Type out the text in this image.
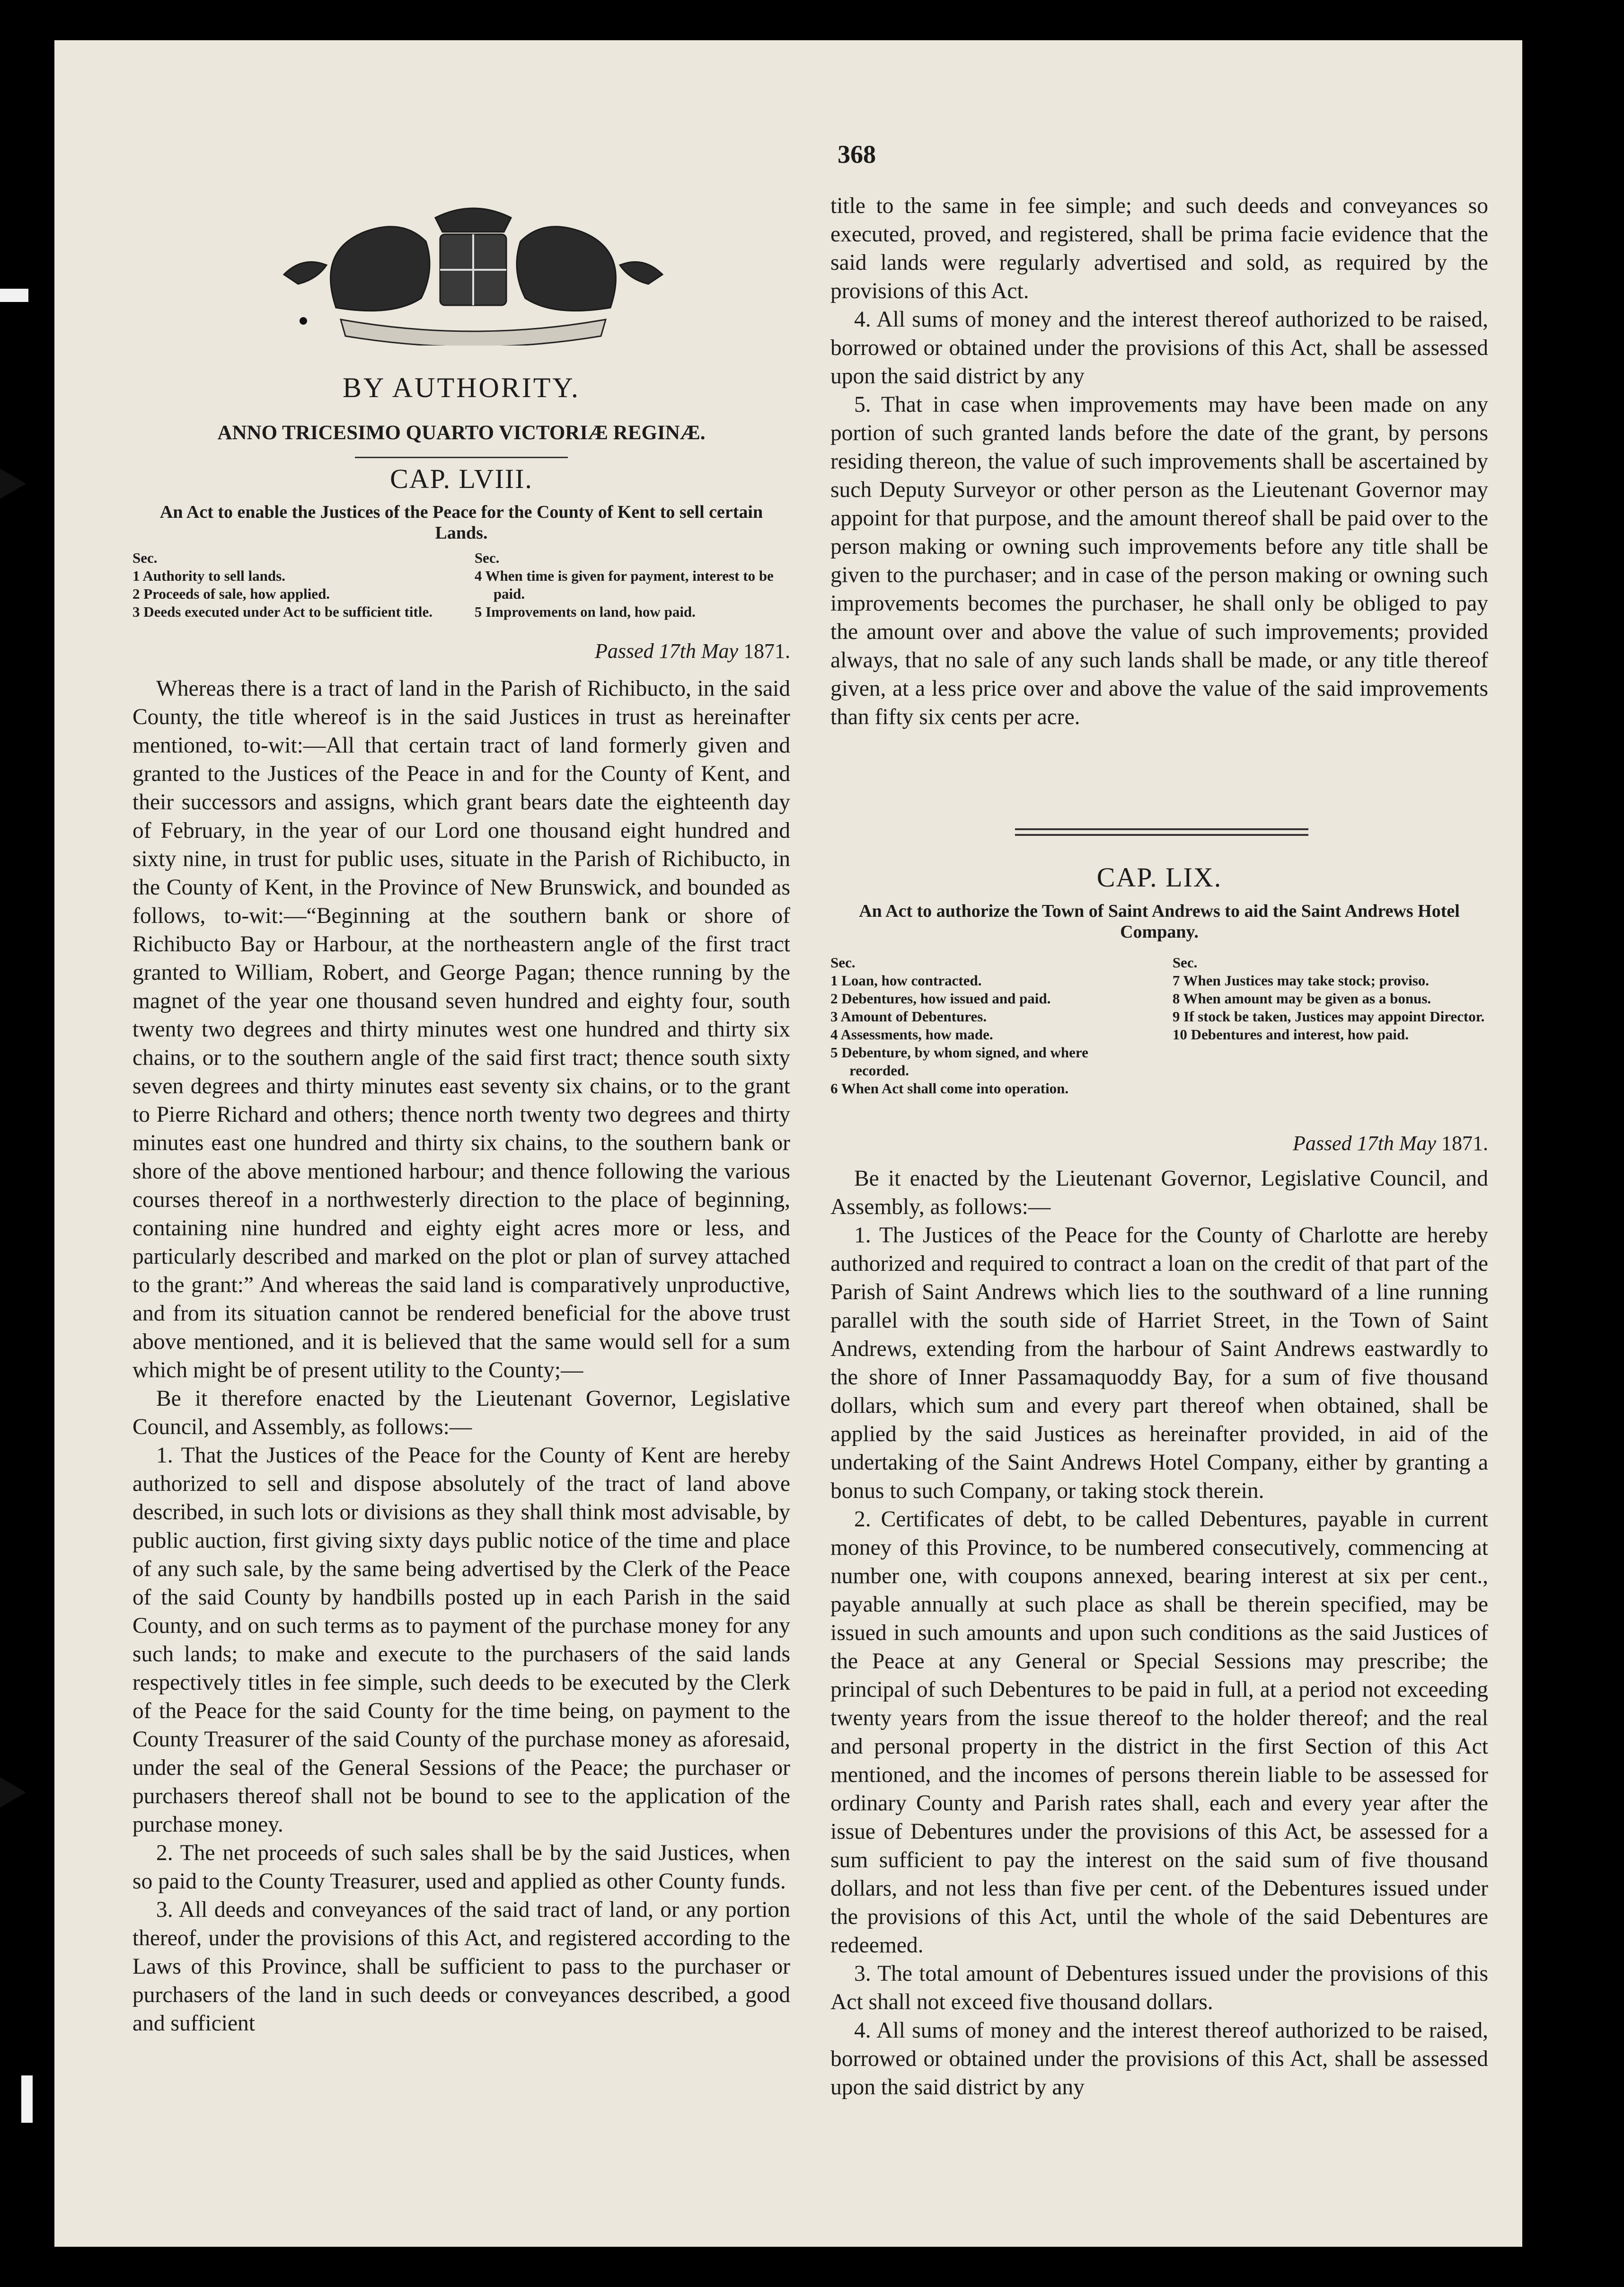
368
BY AUTHORITY.
ANNO TRICESIMO QUARTO VICTORIÆ REGINÆ.
CAP. LVIII.
An Act to enable the Justices of the Peace for the County of Kent to sell certain Lands.
Sec.
1 Authority to sell lands.
2 Proceeds of sale, how applied.
3 Deeds executed under Act to be sufficient title.
Sec.
4 When time is given for payment, interest to be paid.
5 Improvements on land, how paid.
Passed 17th May 1871.

Whereas there is a tract of land in the Parish of Richibucto, in the said County, the title whereof is in the said Justices in trust as hereinafter mentioned, to-wit:—All that certain tract of land formerly given and granted to the Justices of the Peace in and for the County of Kent, and their successors and assigns, which grant bears date the eighteenth day of February, in the year of our Lord one thousand eight hundred and sixty nine, in trust for public uses, situate in the Parish of Richibucto, in the County of Kent, in the Province of New Brunswick, and bounded as follows, to-wit:—“Beginning at the southern bank or shore of Richibucto Bay or Harbour, at the northeastern angle of the first tract granted to William, Robert, and George Pagan; thence running by the magnet of the year one thousand seven hundred and eighty four, south twenty two degrees and thirty minutes west one hundred and thirty six chains, or to the southern angle of the said first tract; thence south sixty seven degrees and thirty minutes east seventy six chains, or to the grant to Pierre Richard and others; thence north twenty two degrees and thirty minutes east one hundred and thirty six chains, to the southern bank or shore of the above mentioned harbour; and thence following the various courses thereof in a northwesterly direction to the place of beginning, containing nine hundred and eighty eight acres more or less, and particularly described and marked on the plot or plan of survey attached to the grant:” And whereas the said land is comparatively unproductive, and from its situation cannot be rendered beneficial for the above trust above mentioned, and it is believed that the same would sell for a sum which might be of present utility to the County;—

Be it therefore enacted by the Lieutenant Governor, Legislative Council, and Assembly, as follows:—

1. That the Justices of the Peace for the County of Kent are hereby authorized to sell and dispose absolutely of the tract of land above described, in such lots or divisions as they shall think most advisable, by public auction, first giving sixty days public notice of the time and place of any such sale, by the same being advertised by the Clerk of the Peace of the said County by handbills posted up in each Parish in the said County, and on such terms as to payment of the purchase money for any such lands; to make and execute to the purchasers of the said lands respectively titles in fee simple, such deeds to be executed by the Clerk of the Peace for the said County for the time being, on payment to the County Treasurer of the said County of the purchase money as aforesaid, under the seal of the General Sessions of the Peace; the purchaser or purchasers thereof shall not be bound to see to the application of the purchase money.

2. The net proceeds of such sales shall be by the said Justices, when so paid to the County Treasurer, used and applied as other County funds.

3. All deeds and conveyances of the said tract of land, or any portion thereof, under the provisions of this Act, and registered according to the Laws of this Province, shall be sufficient to pass to the purchaser or purchasers of the land in such deeds or conveyances described, a good and sufficient

title to the same in fee simple; and such deeds and conveyances so executed, proved, and registered, shall be prima facie evidence that the said lands were regularly advertised and sold, as required by the provisions of this Act.

4. All sums of money and the interest thereof authorized to be raised, borrowed or obtained under the provisions of this Act, shall be assessed upon the said district by any

5. That in case when improvements may have been made on any portion of such granted lands before the date of the grant, by persons residing thereon, the value of such improvements shall be ascertained by such Deputy Surveyor or other person as the Lieutenant Governor may appoint for that purpose, and the amount thereof shall be paid over to the person making or owning such improvements before any title shall be given to the purchaser; and in case of the person making or owning such improvements becomes the purchaser, he shall only be obliged to pay the amount over and above the value of such improvements; provided always, that no sale of any such lands shall be made, or any title thereof given, at a less price over and above the value of the said improvements than fifty six cents per acre.

CAP. LIX.
An Act to authorize the Town of Saint Andrews to aid the Saint Andrews Hotel Company.
Sec.
1 Loan, how contracted.
2 Debentures, how issued and paid.
3 Amount of Debentures.
4 Assessments, how made.
5 Debenture, by whom signed, and where recorded.
6 When Act shall come into operation.
Sec.
7 When Justices may take stock; proviso.
8 When amount may be given as a bonus.
9 If stock be taken, Justices may appoint Director.
10 Debentures and interest, how paid.
Passed 17th May 1871.

Be it enacted by the Lieutenant Governor, Legislative Council, and Assembly, as follows:—

1. The Justices of the Peace for the County of Charlotte are hereby authorized and required to contract a loan on the credit of that part of the Parish of Saint Andrews which lies to the southward of a line running parallel with the south side of Harriet Street, in the Town of Saint Andrews, extending from the harbour of Saint Andrews eastwardly to the shore of Inner Passamaquoddy Bay, for a sum of five thousand dollars, which sum and every part thereof when obtained, shall be applied by the said Justices as hereinafter provided, in aid of the undertaking of the Saint Andrews Hotel Company, either by granting a bonus to such Company, or taking stock therein.

2. Certificates of debt, to be called Debentures, payable in current money of this Province, to be numbered consecutively, commencing at number one, with coupons annexed, bearing interest at six per cent., payable annually at such place as shall be therein specified, may be issued in such amounts and upon such conditions as the said Justices of the Peace at any General or Special Sessions may prescribe; the principal of such Debentures to be paid in full, at a period not exceeding twenty years from the issue thereof to the holder thereof; and the real and personal property in the district in the first Section of this Act mentioned, and the incomes of persons therein liable to be assessed for ordinary County and Parish rates shall, each and every year after the issue of Debentures under the provisions of this Act, be assessed for a sum sufficient to pay the interest on the said sum of five thousand dollars, and not less than five per cent. of the Debentures issued under the provisions of this Act, until the whole of the said Debentures are redeemed.

3. The total amount of Debentures issued under the provisions of this Act shall not exceed five thousand dollars.

4. All sums of money and the interest thereof authorized to be raised, borrowed or obtained under the provisions of this Act, shall be assessed upon the said district by any
